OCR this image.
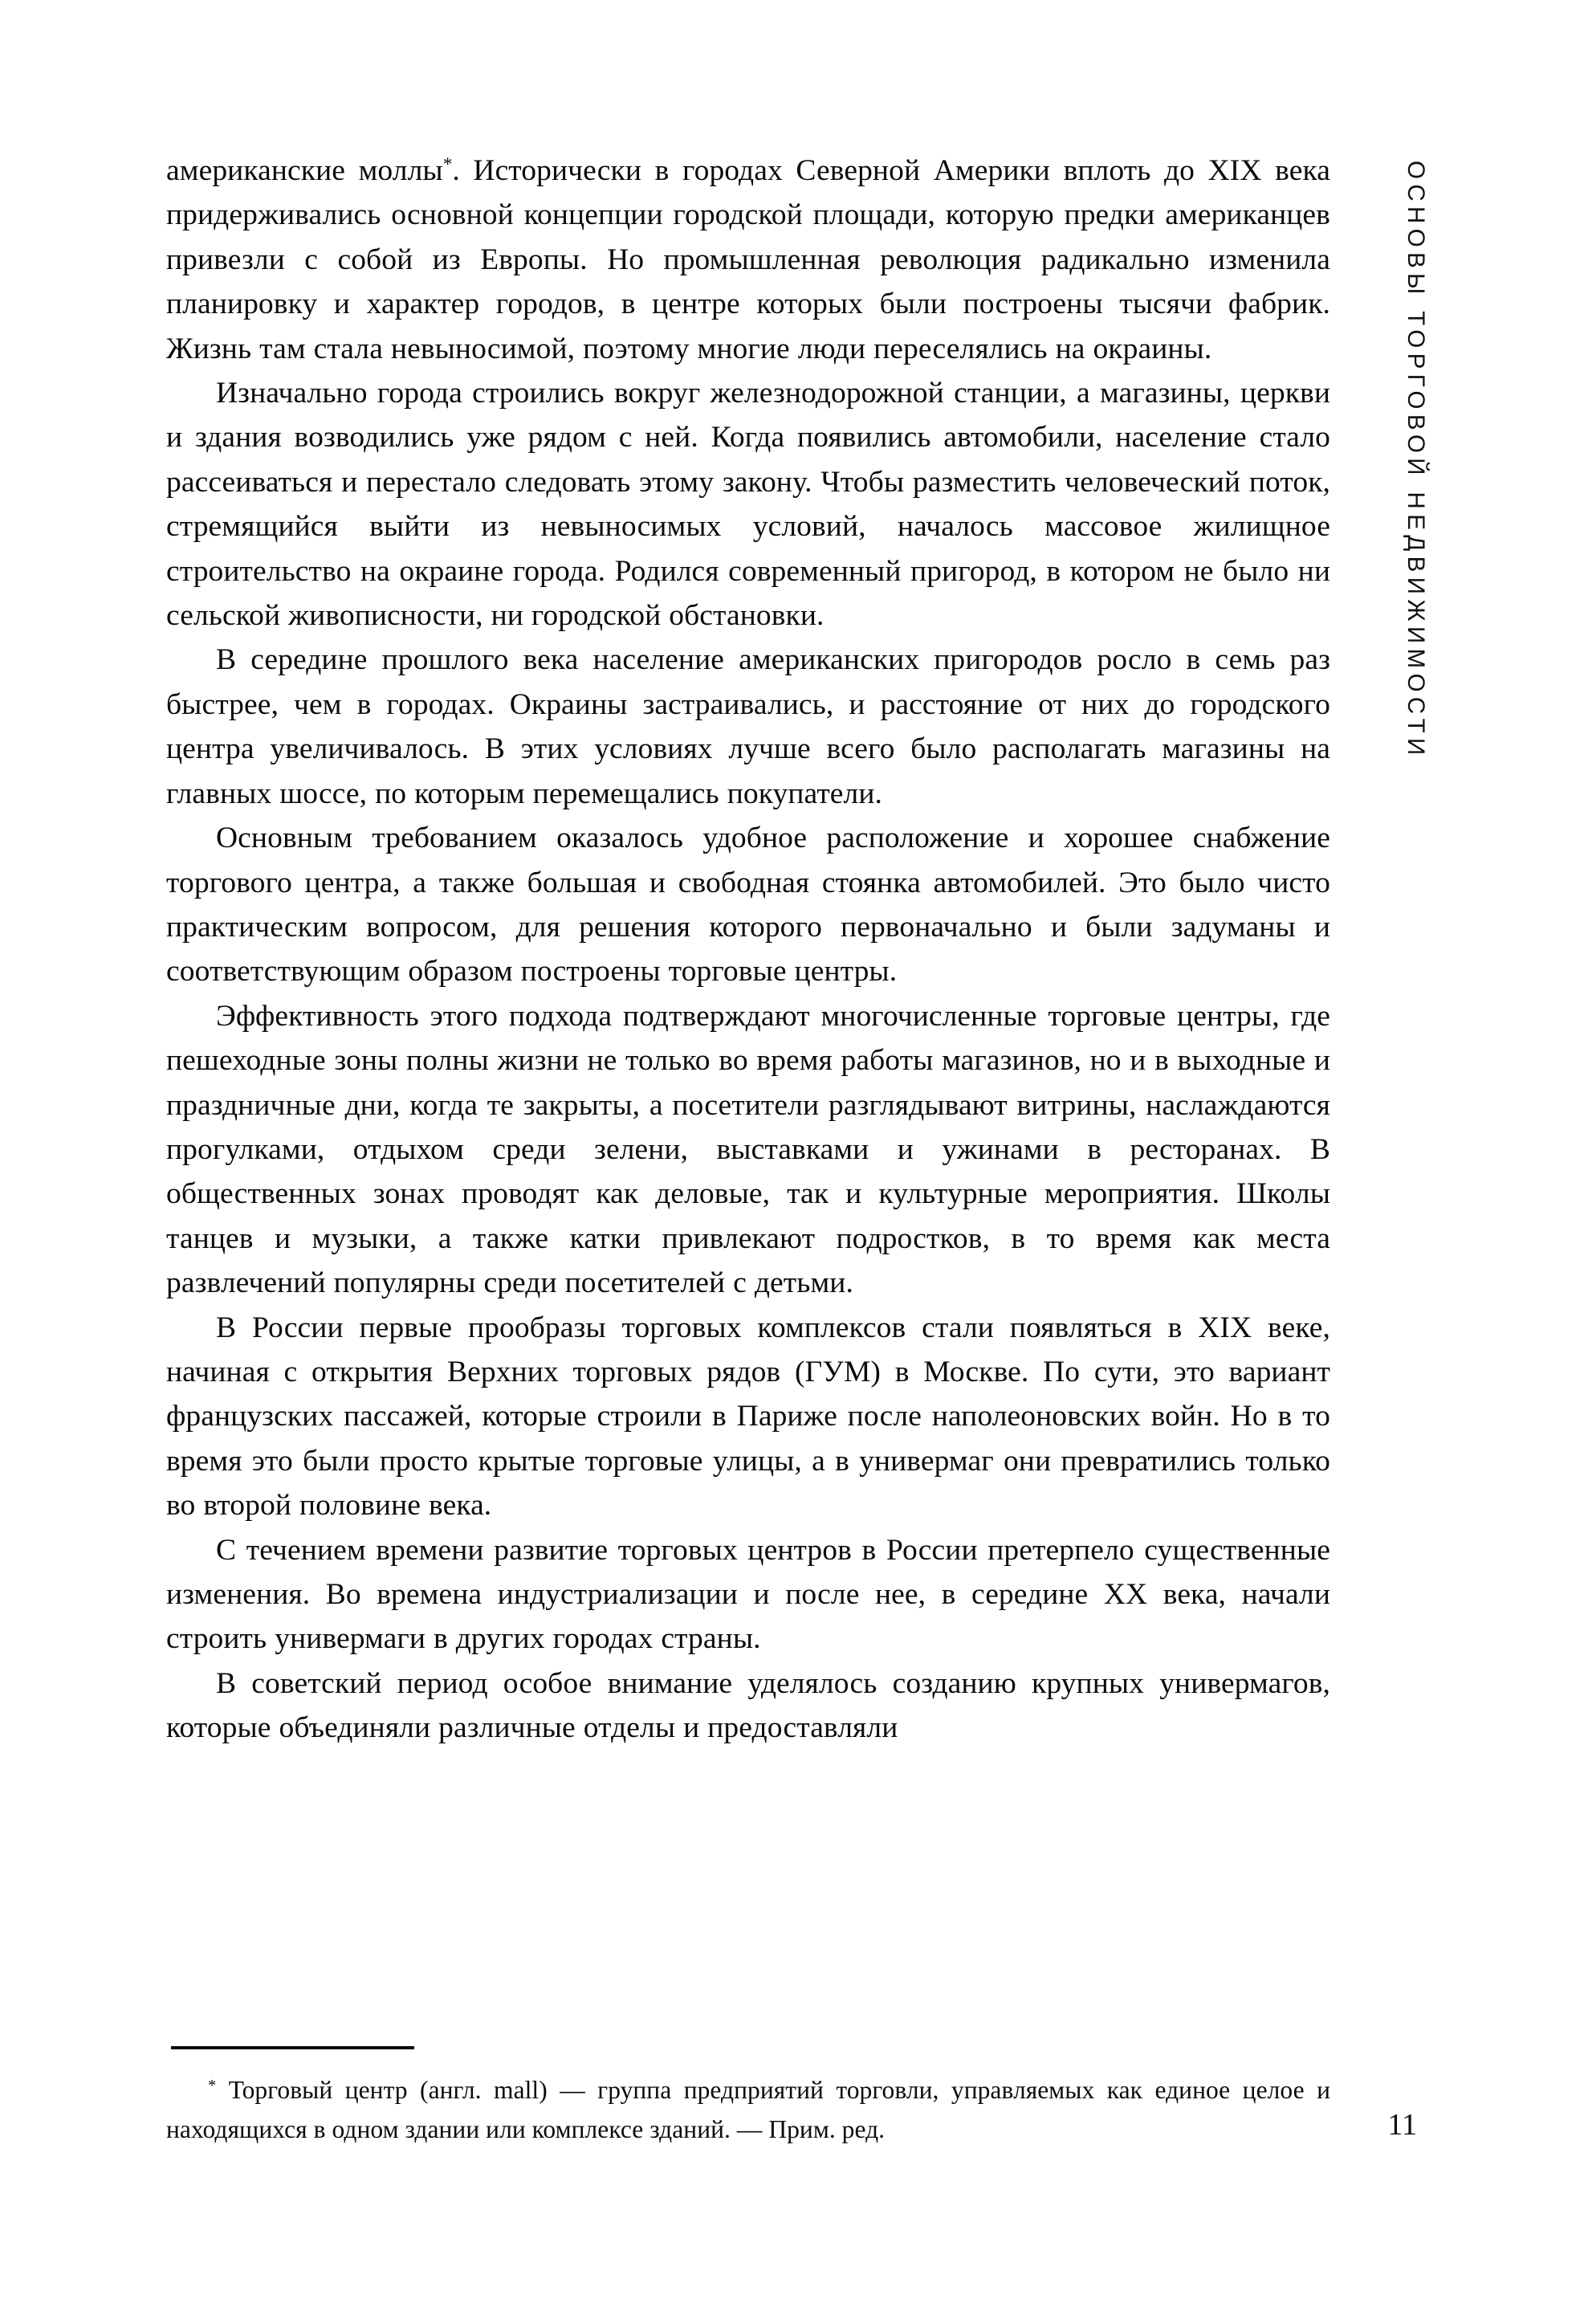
американские моллы*. Исторически в городах Северной Америки вплоть до XIX века придерживались основной концепции городской площади, которую предки американцев привезли с собой из Европы. Но промышленная революция радикально изменила планировку и характер городов, в центре которых были построены тысячи фабрик. Жизнь там стала невыносимой, поэтому многие люди переселялись на окраины.

Изначально города строились вокруг железнодорожной станции, а магазины, церкви и здания возводились уже рядом с ней. Когда появились автомобили, население стало рассеиваться и перестало следовать этому закону. Чтобы разместить человеческий поток, стремящийся выйти из невыносимых условий, началось массовое жилищное строительство на окраине города. Родился современный пригород, в котором не было ни сельской живописности, ни городской обстановки.

В середине прошлого века население американских пригородов росло в семь раз быстрее, чем в городах. Окраины застраивались, и расстояние от них до городского центра увеличивалось. В этих условиях лучше всего было располагать магазины на главных шоссе, по которым перемещались покупатели.

Основным требованием оказалось удобное расположение и хорошее снабжение торгового центра, а также большая и свободная стоянка автомобилей. Это было чисто практическим вопросом, для решения которого первоначально и были задуманы и соответствующим образом построены торговые центры.

Эффективность этого подхода подтверждают многочисленные торговые центры, где пешеходные зоны полны жизни не только во время работы магазинов, но и в выходные и праздничные дни, когда те закрыты, а посетители разглядывают витрины, наслаждаются прогулками, отдыхом среди зелени, выставками и ужинами в ресторанах. В общественных зонах проводят как деловые, так и культурные мероприятия. Школы танцев и музыки, а также катки привлекают подростков, в то время как места развлечений популярны среди посетителей с детьми.

В России первые прообразы торговых комплексов стали появляться в XIX веке, начиная с открытия Верхних торговых рядов (ГУМ) в Москве. По сути, это вариант французских пассажей, которые строили в Париже после наполеоновских войн. Но в то время это были просто крытые торговые улицы, а в универмаг они превратились только во второй половине века.

С течением времени развитие торговых центров в России претерпело существенные изменения. Во времена индустриализации и после нее, в середине XX века, начали строить универмаги в других городах страны.

В советский период особое внимание уделялось созданию крупных универмагов, которые объединяли различные отделы и предоставляли

* Торговый центр (англ. mall) — группа предприятий торговли, управляемых как единое целое и находящихся в одном здании или комплексе зданий. — Прим. ред.	11
ОСНОВЫ ТОРГОВОЙ НЕДВИЖИМОСТИ
